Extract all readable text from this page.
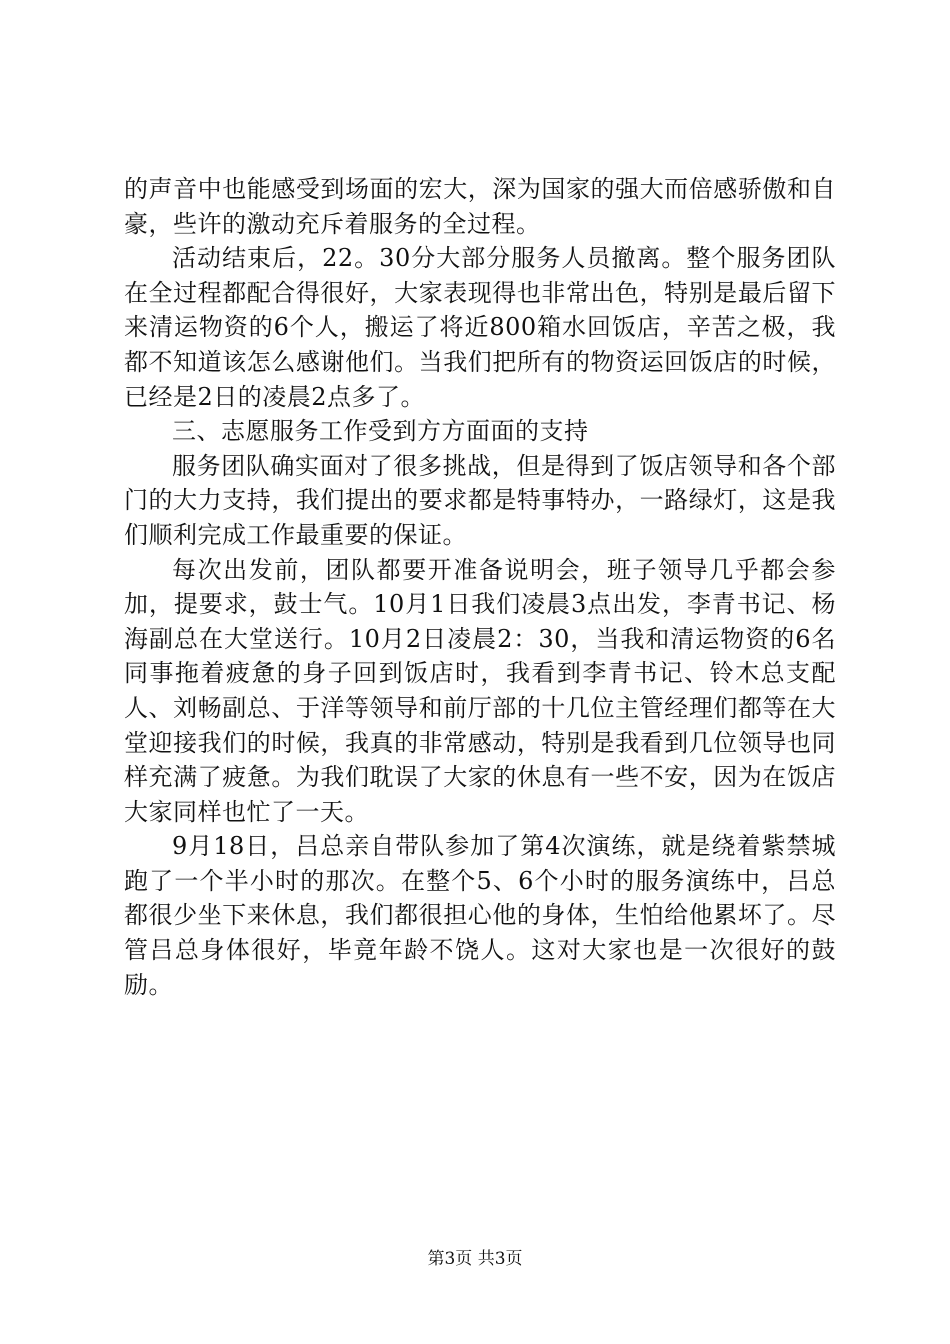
的声音中也能感受到场面的宏大，深为国家的强大而倍感骄傲和自豪，些许的激动充斥着服务的全过程。

活动结束后，22。30分大部分服务人员撤离。整个服务团队在全过程都配合得很好，大家表现得也非常出色，特别是最后留下来清运物资的6个人，搬运了将近800箱水回饭店，辛苦之极，我都不知道该怎么感谢他们。当我们把所有的物资运回饭店的时候，已经是2日的凌晨2点多了。

三、志愿服务工作受到方方面面的支持

服务团队确实面对了很多挑战，但是得到了饭店领导和各个部门的大力支持，我们提出的要求都是特事特办，一路绿灯，这是我们顺利完成工作最重要的保证。

每次出发前，团队都要开准备说明会，班子领导几乎都会参加，提要求，鼓士气。10月1日我们凌晨3点出发，李青书记、杨海副总在大堂送行。10月2日凌晨2：30，当我和清运物资的6名同事拖着疲惫的身子回到饭店时，我看到李青书记、铃木总支配人、刘畅副总、于洋等领导和前厅部的十几位主管经理们都等在大堂迎接我们的时候，我真的非常感动，特别是我看到几位领导也同样充满了疲惫。为我们耽误了大家的休息有一些不安，因为在饭店大家同样也忙了一天。

9月18日，吕总亲自带队参加了第4次演练，就是绕着紫禁城跑了一个半小时的那次。在整个5、6个小时的服务演练中，吕总都很少坐下来休息，我们都很担心他的身体，生怕给他累坏了。尽管吕总身体很好，毕竟年龄不饶人。这对大家也是一次很好的鼓励。

第3页 共3页
